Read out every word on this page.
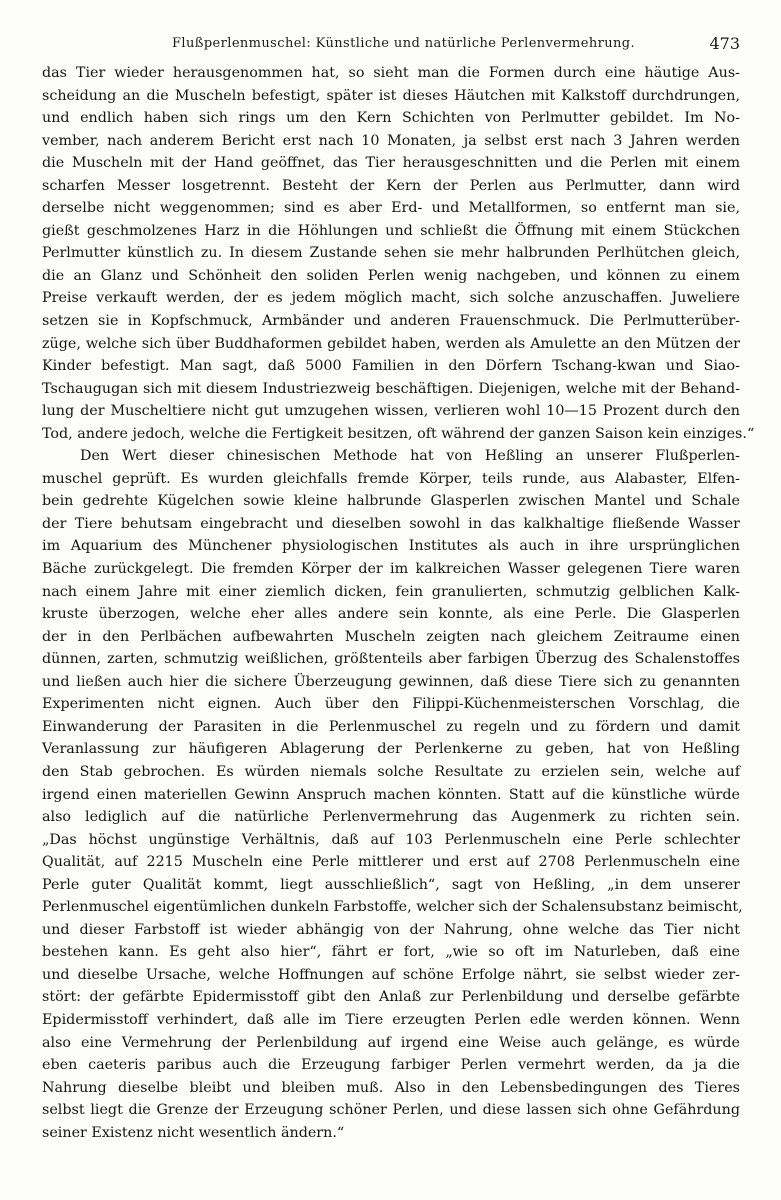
Flußperlenmuschel: Künstliche und natürliche Perlenvermehrung.	473
das Tier wieder herausgenommen hat, so sieht man die Formen durch eine häutige Aus-
scheidung an die Muscheln befestigt, später ist dieses Häutchen mit Kalkstoff durchdrungen,
und endlich haben sich rings um den Kern Schichten von Perlmutter gebildet. Im No-
vember, nach anderem Bericht erst nach 10 Monaten, ja selbst erst nach 3 Jahren werden
die Muscheln mit der Hand geöffnet, das Tier herausgeschnitten und die Perlen mit einem
scharfen Messer losgetrennt. Besteht der Kern der Perlen aus Perlmutter, dann wird
derselbe nicht weggenommen; sind es aber Erd- und Metallformen, so entfernt man sie,
gießt geschmolzenes Harz in die Höhlungen und schließt die Öffnung mit einem Stückchen
Perlmutter künstlich zu. In diesem Zustande sehen sie mehr halbrunden Perlhütchen gleich,
die an Glanz und Schönheit den soliden Perlen wenig nachgeben, und können zu einem
Preise verkauft werden, der es jedem möglich macht, sich solche anzuschaffen. Juweliere
setzen sie in Kopfschmuck, Armbänder und anderen Frauenschmuck. Die Perlmutterüber-
züge, welche sich über Buddhaformen gebildet haben, werden als Amulette an den Mützen der
Kinder befestigt. Man sagt, daß 5000 Familien in den Dörfern Tschang-kwan und Siao-
Tschaugugan sich mit diesem Industriezweig beschäftigen. Diejenigen, welche mit der Behand-
lung der Muscheltiere nicht gut umzugehen wissen, verlieren wohl 10—15 Prozent durch den
Tod, andere jedoch, welche die Fertigkeit besitzen, oft während der ganzen Saison kein einziges.“
Den Wert dieser chinesischen Methode hat von Heßling an unserer Flußperlen-
muschel geprüft. Es wurden gleichfalls fremde Körper, teils runde, aus Alabaster, Elfen-
bein gedrehte Kügelchen sowie kleine halbrunde Glasperlen zwischen Mantel und Schale
der Tiere behutsam eingebracht und dieselben sowohl in das kalkhaltige fließende Wasser
im Aquarium des Münchener physiologischen Institutes als auch in ihre ursprünglichen
Bäche zurückgelegt. Die fremden Körper der im kalkreichen Wasser gelegenen Tiere waren
nach einem Jahre mit einer ziemlich dicken, fein granulierten, schmutzig gelblichen Kalk-
kruste überzogen, welche eher alles andere sein konnte, als eine Perle. Die Glasperlen
der in den Perlbächen aufbewahrten Muscheln zeigten nach gleichem Zeitraume einen
dünnen, zarten, schmutzig weißlichen, größtenteils aber farbigen Überzug des Schalenstoffes
und ließen auch hier die sichere Überzeugung gewinnen, daß diese Tiere sich zu genannten
Experimenten nicht eignen. Auch über den Filippi-Küchenmeisterschen Vorschlag, die
Einwanderung der Parasiten in die Perlenmuschel zu regeln und zu fördern und damit
Veranlassung zur häufigeren Ablagerung der Perlenkerne zu geben, hat von Heßling
den Stab gebrochen. Es würden niemals solche Resultate zu erzielen sein, welche auf
irgend einen materiellen Gewinn Anspruch machen könnten. Statt auf die künstliche würde
also lediglich auf die natürliche Perlenvermehrung das Augenmerk zu richten sein.
„Das höchst ungünstige Verhältnis, daß auf 103 Perlenmuscheln eine Perle schlechter
Qualität, auf 2215 Muscheln eine Perle mittlerer und erst auf 2708 Perlenmuscheln eine
Perle guter Qualität kommt, liegt ausschließlich“, sagt von Heßling, „in dem unserer
Perlenmuschel eigentümlichen dunkeln Farbstoffe, welcher sich der Schalensubstanz beimischt,
und dieser Farbstoff ist wieder abhängig von der Nahrung, ohne welche das Tier nicht
bestehen kann. Es geht also hier“, fährt er fort, „wie so oft im Naturleben, daß eine
und dieselbe Ursache, welche Hoffnungen auf schöne Erfolge nährt, sie selbst wieder zer-
stört: der gefärbte Epidermisstoff gibt den Anlaß zur Perlenbildung und derselbe gefärbte
Epidermisstoff verhindert, daß alle im Tiere erzeugten Perlen edle werden können. Wenn
also eine Vermehrung der Perlenbildung auf irgend eine Weise auch gelänge, es würde
eben caeteris paribus auch die Erzeugung farbiger Perlen vermehrt werden, da ja die
Nahrung dieselbe bleibt und bleiben muß. Also in den Lebensbedingungen des Tieres
selbst liegt die Grenze der Erzeugung schöner Perlen, und diese lassen sich ohne Gefährdung
seiner Existenz nicht wesentlich ändern.“
